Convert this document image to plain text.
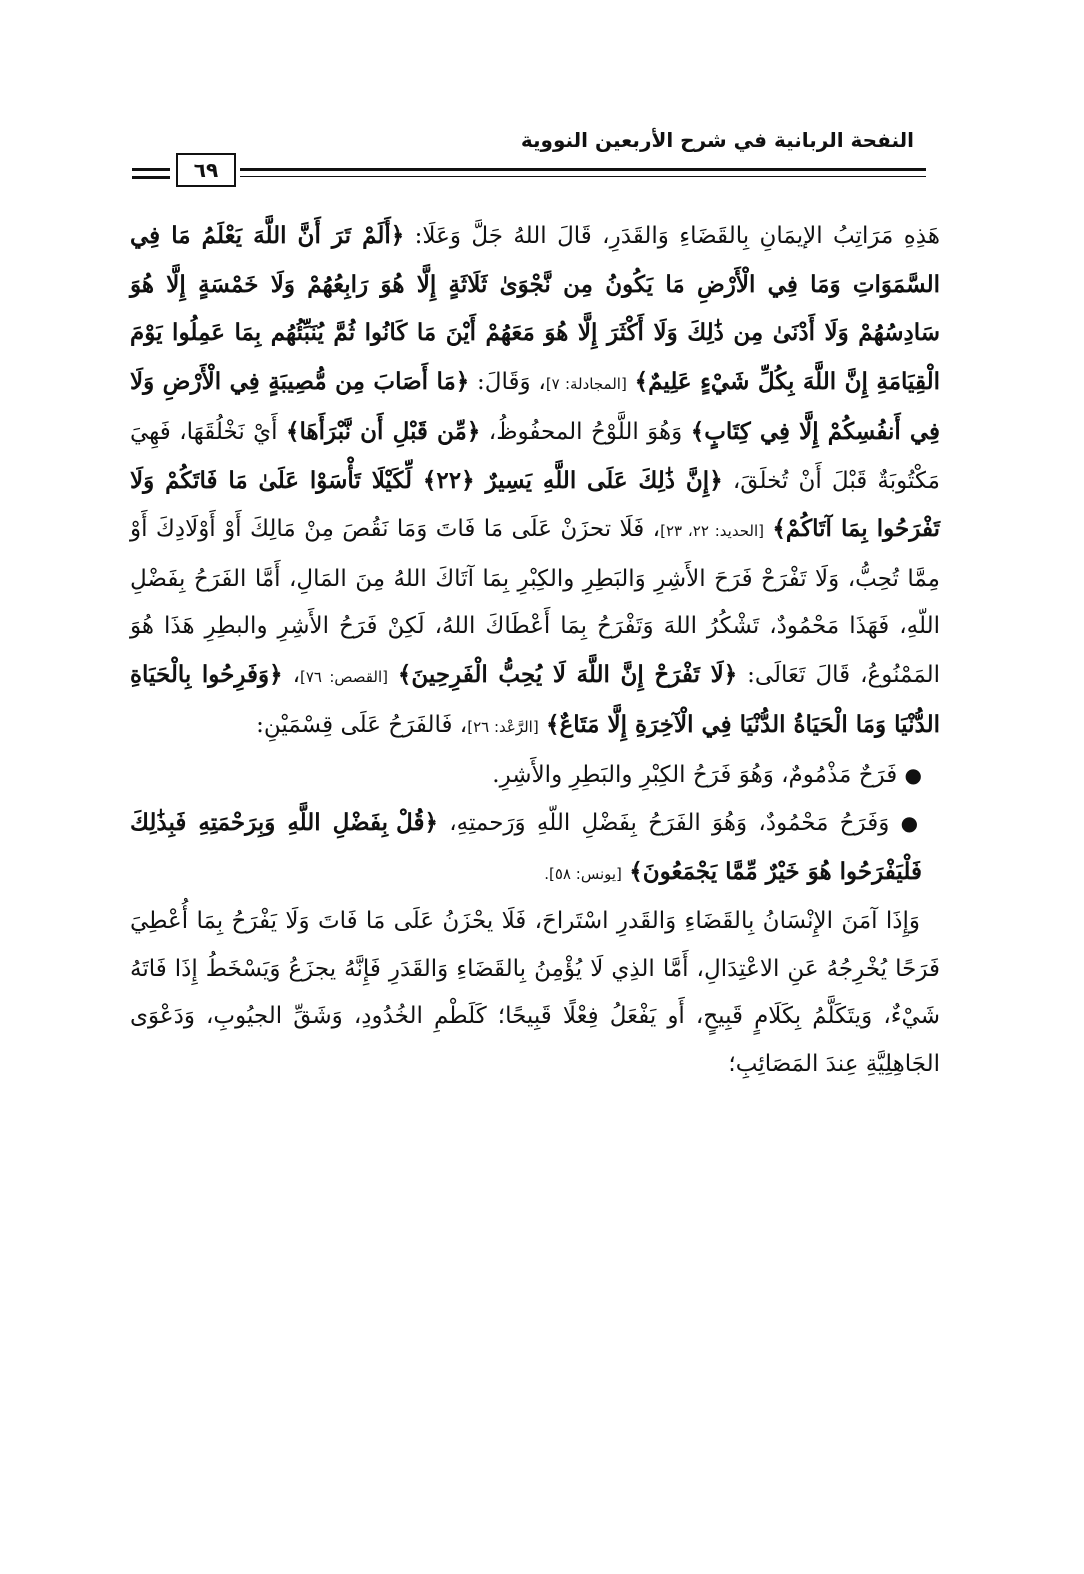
النفحة الربانية في شرح الأربعين النووية
٦٩

هَذِهِ مَرَاتِبُ الإيمَانِ بِالقَضَاءِ وَالقَدَرِ، قَالَ اللهُ جَلَّ وَعَلَا: ﴿أَلَمْ تَرَ أَنَّ اللَّهَ يَعْلَمُ مَا فِي السَّمَوَاتِ وَمَا فِي الْأَرْضِ مَا يَكُونُ مِن نَّجْوَىٰ ثَلَاثَةٍ إِلَّا هُوَ رَابِعُهُمْ وَلَا خَمْسَةٍ إِلَّا هُوَ سَادِسُهُمْ وَلَا أَدْنَىٰ مِن ذَٰلِكَ وَلَا أَكْثَرَ إِلَّا هُوَ مَعَهُمْ أَيْنَ مَا كَانُوا ثُمَّ يُنَبِّئُهُم بِمَا عَمِلُوا يَوْمَ الْقِيَامَةِ إِنَّ اللَّهَ بِكُلِّ شَيْءٍ عَلِيمٌ﴾ [المجادلة: ٧]، وَقَالَ: ﴿مَا أَصَابَ مِن مُّصِيبَةٍ فِي الْأَرْضِ وَلَا فِي أَنفُسِكُمْ إِلَّا فِي كِتَابٍ﴾ وَهُوَ اللَّوْحُ المحفُوظُ، ﴿مِّن قَبْلِ أَن نَّبْرَأَهَا﴾ أَيْ نَخْلُقَهَا، فَهِيَ مَكْتُوبَةٌ قَبْلَ أَنْ تُخلَقَ، ﴿إِنَّ ذَٰلِكَ عَلَى اللَّهِ يَسِيرٌ ﴿٢٢﴾ لِّكَيْلَا تَأْسَوْا عَلَىٰ مَا فَاتَكُمْ وَلَا تَفْرَحُوا بِمَا آتَاكُمْ﴾ [الحديد: ٢٢، ٢٣]، فَلَا تحزَنْ عَلَى مَا فَاتَ وَمَا نَقُصَ مِنْ مَالِكَ أَوْ أَوْلَادِكَ أَوْ مِمَّا تُحِبُّ، وَلَا تَفْرَحْ فَرَحَ الأَشِرِ وَالبَطِرِ والكِبْرِ بِمَا آتَاكَ اللهُ مِنَ المَالِ، أَمَّا الفَرَحُ بِفَضْلِ اللّهِ، فَهَذَا مَحْمُودٌ، تَشْكُرُ اللهَ وَتَفْرَحُ بِمَا أَعْطَاكَ اللهُ، لَكِنْ فَرَحُ الأَشِرِ والبطِرِ هَذَا هُوَ المَمْنُوعُ، قَالَ تَعَالَى: ﴿لَا تَفْرَحْ إِنَّ اللَّهَ لَا يُحِبُّ الْفَرِحِينَ﴾ [القصص: ٧٦]، ﴿وَفَرِحُوا بِالْحَيَاةِ الدُّنْيَا وَمَا الْحَيَاةُ الدُّنْيَا فِي الْآخِرَةِ إِلَّا مَتَاعٌ﴾ [الرَّعْد: ٢٦]، فَالفَرَحُ عَلَى قِسْمَيْنِ:

● فَرَحٌ مَذْمُومٌ، وَهُوَ فَرَحُ الكِبْرِ والبَطِرِ والأَشِرِ.

● وَفَرَحُ مَحْمُودٌ، وَهُوَ الفَرَحُ بِفَضْلِ اللّهِ وَرَحمتِهِ، ﴿قُلْ بِفَضْلِ اللَّهِ وَبِرَحْمَتِهِ فَبِذَٰلِكَ فَلْيَفْرَحُوا هُوَ خَيْرٌ مِّمَّا يَجْمَعُونَ﴾ [يونس: ٥٨].

وَإِذَا آمَنَ الإِنْسَانُ بِالقَضَاءِ وَالقَدرِ اسْتَراحَ، فَلَا يحْزَنُ عَلَى مَا فَاتَ وَلَا يَفْرَحُ بِمَا أُعْطِيَ فَرَحًا يُخْرِجُهُ عَنِ الاعْتِدَالِ، أَمَّا الذِي لَا يُؤْمِنُ بِالقَضَاءِ وَالقَدَرِ فَإِنَّهُ يجزَعُ وَيَسْخَطُ إِذَا فَاتَهُ شَيْءٌ، وَيتَكَلَّمُ بِكَلَامٍ قَبِيحٍ، أَو يَفْعَلُ فِعْلًا قَبِيحًا؛ كَلَطْمِ الخُدُودِ، وَشَقِّ الجيُوبِ، وَدَعْوَى الجَاهِلِيَّةِ عِندَ المَصَائِبِ؛
